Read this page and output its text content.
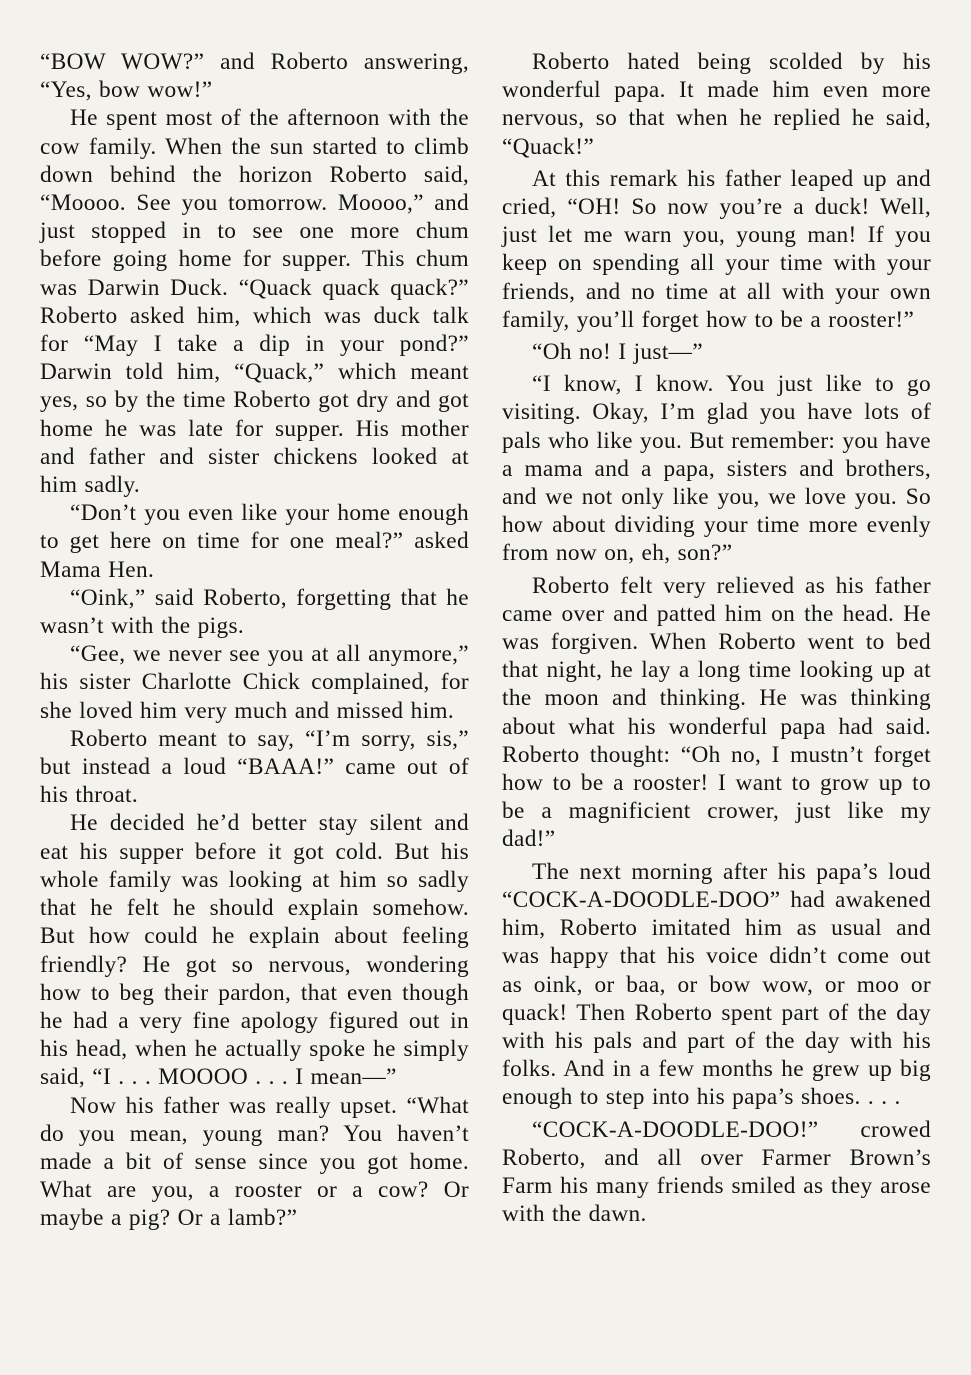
“BOW WOW?” and Roberto answering, “Yes, bow wow!”

He spent most of the afternoon with the cow family. When the sun started to climb down behind the horizon Roberto said, “Moooo. See you tomorrow. Moooo,” and just stopped in to see one more chum before going home for supper. This chum was Darwin Duck. “Quack quack quack?” Roberto asked him, which was duck talk for “May I take a dip in your pond?” Darwin told him, “Quack,” which meant yes, so by the time Roberto got dry and got home he was late for supper. His mother and father and sister chickens looked at him sadly.

“Don’t you even like your home enough to get here on time for one meal?” asked Mama Hen.

“Oink,” said Roberto, forgetting that he wasn’t with the pigs.

“Gee, we never see you at all anymore,” his sister Charlotte Chick complained, for she loved him very much and missed him.

Roberto meant to say, “I’m sorry, sis,” but instead a loud “BAAA!” came out of his throat.

He decided he’d better stay silent and eat his supper before it got cold. But his whole family was looking at him so sadly that he felt he should explain somehow. But how could he explain about feeling friendly? He got so nervous, wondering how to beg their pardon, that even though he had a very fine apology figured out in his head, when he actually spoke he simply said, “I . . . MOOOO . . . I mean—”

Now his father was really upset. “What do you mean, young man? You haven’t made a bit of sense since you got home. What are you, a rooster or a cow? Or maybe a pig? Or a lamb?”

Roberto hated being scolded by his wonderful papa. It made him even more nervous, so that when he replied he said, “Quack!”

At this remark his father leaped up and cried, “OH! So now you’re a duck! Well, just let me warn you, young man! If you keep on spending all your time with your friends, and no time at all with your own family, you’ll forget how to be a rooster!”

“Oh no! I just—”

“I know, I know. You just like to go visiting. Okay, I’m glad you have lots of pals who like you. But remember: you have a mama and a papa, sisters and brothers, and we not only like you, we love you. So how about dividing your time more evenly from now on, eh, son?”

Roberto felt very relieved as his father came over and patted him on the head. He was forgiven. When Roberto went to bed that night, he lay a long time looking up at the moon and thinking. He was thinking about what his wonderful papa had said. Roberto thought: “Oh no, I mustn’t forget how to be a rooster! I want to grow up to be a magnificient crower, just like my dad!”

The next morning after his papa’s loud “COCK-A-DOODLE-DOO” had awakened him, Roberto imitated him as usual and was happy that his voice didn’t come out as oink, or baa, or bow wow, or moo or quack! Then Roberto spent part of the day with his pals and part of the day with his folks. And in a few months he grew up big enough to step into his papa’s shoes. . . .

“COCK-A-DOODLE-DOO!” crowed Roberto, and all over Farmer Brown’s Farm his many friends smiled as they arose with the dawn.
